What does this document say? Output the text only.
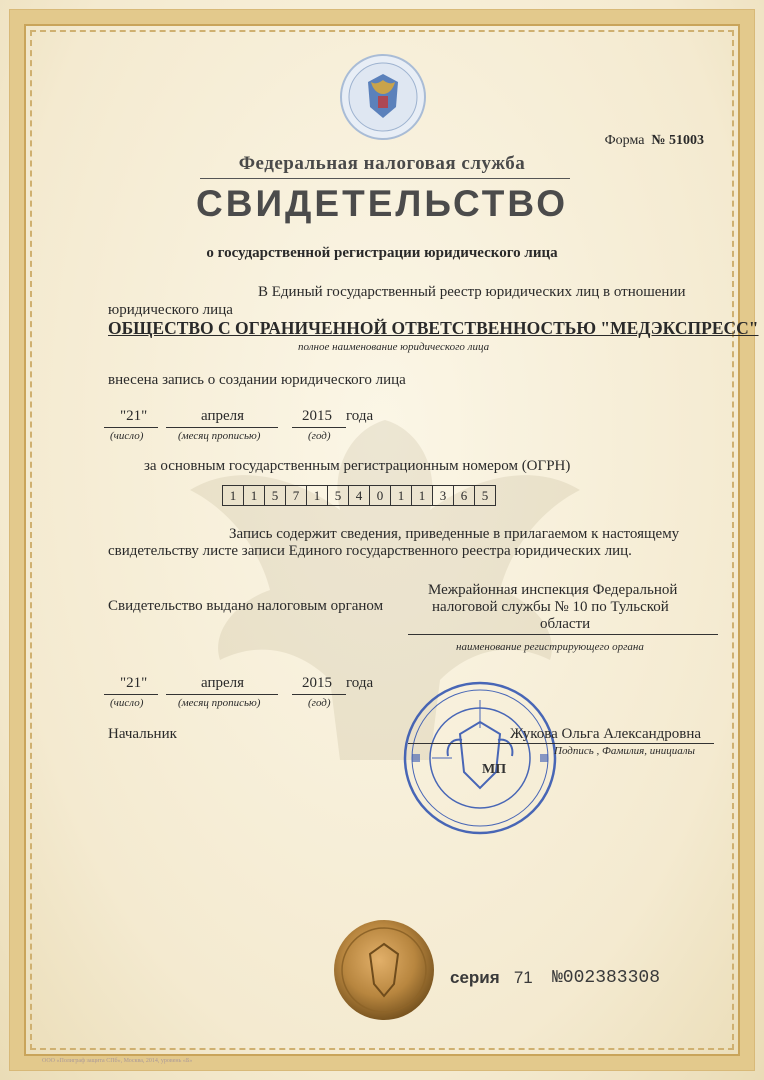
Форма № 51003
Федеральная налоговая служба
СВИДЕТЕЛЬСТВО
о государственной регистрации юридического лица
В Единый государственный реестр юридических лиц в отношении
юридического лица
ОБЩЕСТВО С ОГРАНИЧЕННОЙ ОТВЕТСТВЕННОСТЬЮ "МЕДЭКСПРЕСС"
полное наименование юридического лица
внесена запись о создании юридического лица
"21"	апреля	2015 года
(число)	(месяц прописью)	(год)
за основным государственным регистрационным номером (ОГРН)
1	1	5	7	1	5	4	0	1	1	3	6	5
Запись содержит сведения, приведенные в прилагаемом к настоящему
свидетельству листе записи Единого государственного реестра юридических лиц.
Свидетельство выдано налоговым органом
Межрайонная инспекция Федеральной
налоговой службы № 10 по Тульской
области
наименование регистрирующего органа
"21"	апреля	2015 года
(число)	(месяц прописью)	(год)
Начальник
МП
Жукова Ольга Александровна
Подпись , Фамилия, инициалы
серия 71 №002383308
ООО «Полиграф защита СПб», Москва, 2014, уровень «Б»
